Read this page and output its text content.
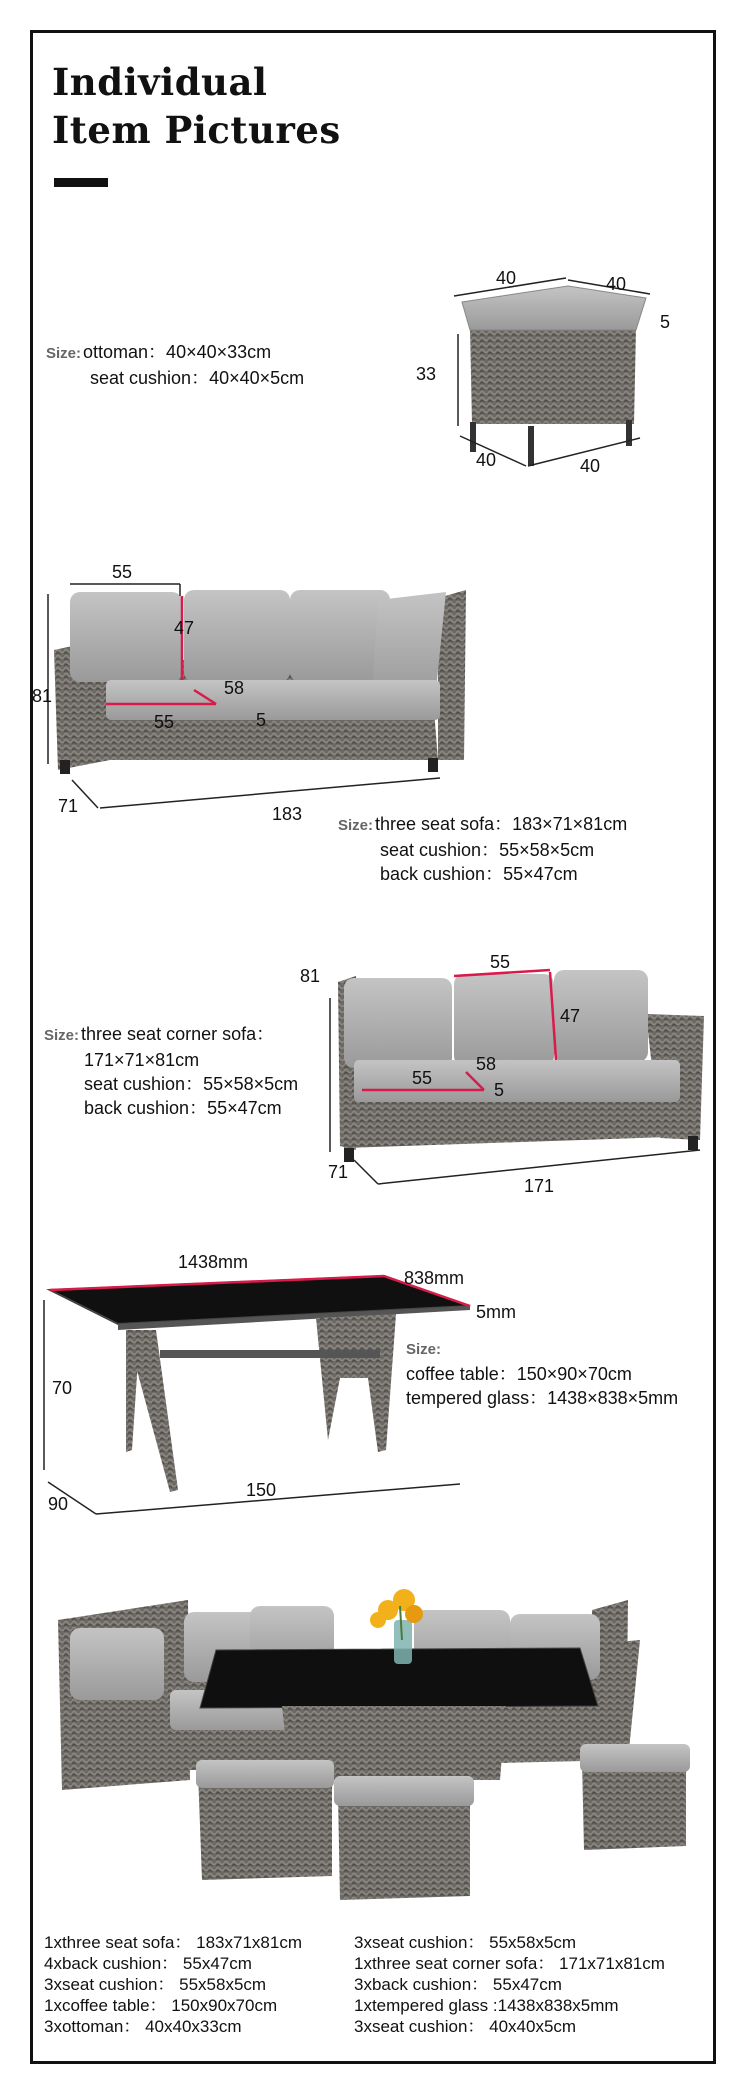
Individual
Item Pictures
Size: ottoman：40×40×33cm
seat cushion：40×40×5cm
40	40
5
33
40	40
55
47
58
55	5
81
71	183
Size: three seat sofa：183×71×81cm
seat cushion：55×58×5cm
back cushion：55×47cm
55
81
47
58
55
5
71
171
Size: three seat corner sofa：
171×71×81cm
seat cushion：55×58×5cm
back cushion：55×47cm
1438mm
838mm
5mm
70
90
150
Size:
coffee table：150×90×70cm
tempered glass：1438×838×5mm
1xthree seat sofa： 183x71x81cm
4xback cushion： 55x47cm
3xseat cushion： 55x58x5cm
1xcoffee table： 150x90x70cm
3xottoman： 40x40x33cm
3xseat cushion： 55x58x5cm
1xthree seat corner sofa： 171x71x81cm
3xback cushion： 55x47cm
1xtempered glass :1438x838x5mm
3xseat cushion： 40x40x5cm
